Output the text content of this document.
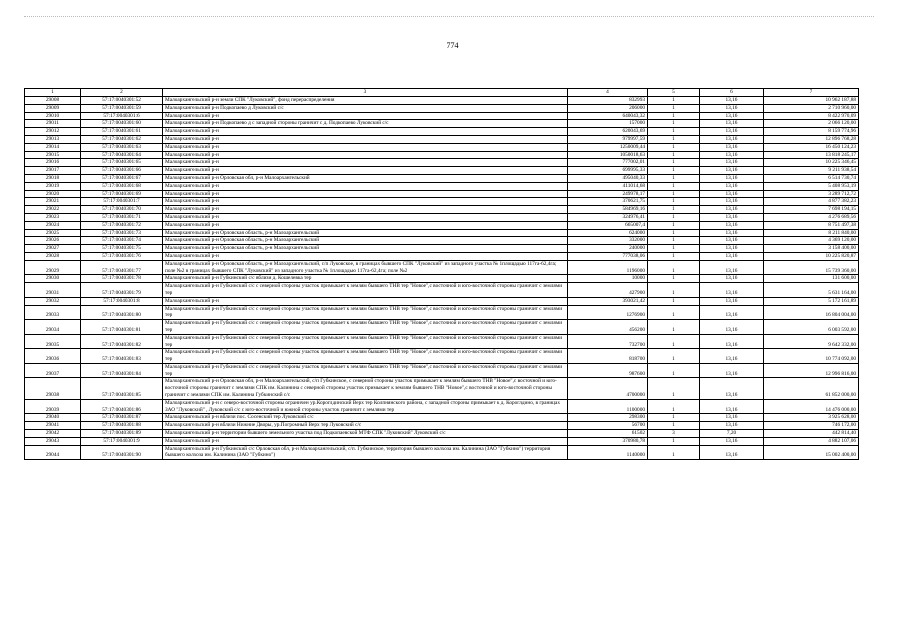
774
1	2	3	4	5	6	7
29008	57:17:0040301:52	Малоархангельский р-н земли СПК "Луковский", фонд перераспределения	832993	1	13,16	10 962 187,88
29009	57:17:0040301:59	Малоархангельский р-н Подкопаево д Луковский с/с	206000	1	13,16	2 710 960,00
29010	57:17:0040301:6	Малоархангельский р-н	640043,32	1	13,16	8 422 970,09
29011	57:17:0040301:60	Малоархангельский р-н Подкопаево д с западной стороны граничит с д. Подкопаево Луковский с/с	157000	1	13,16	2 066 120,00
29012	57:17:0040301:61	Малоархангельский р-н	620043,69	1	13,16	8 159 774,96
29013	57:17:0040301:62	Малоархангельский р-н	979997,59	1	13,16	12 896 768,28
29014	57:17:0040301:63	Малоархангельский р-н	1250009,44	1	13,16	16 450 124,23
29015	57:17:0040301:64	Малоархангельский р-н	1050018,63	1	13,16	13 818 245,17
29016	57:17:0040301:65	Малоархангельский р-н	777002,01	1	13,16	10 225 346,45
29017	57:17:0040301:66	Малоархангельский р-н	699995,33	1	13,16	9 211 938,54
29018	57:17:0040301:67	Малоархангельский р-н Орловская обл, р-н Малоархангельский	495040,33	1	13,16	6 514 730,74
29019	57:17:0040301:68	Малоархангельский р-н	411014,68	1	13,16	5 408 953,19
29020	57:17:0040301:69	Малоархангельский р-н	249978,17	1	13,16	3 289 712,72
29021	57:17:0040301:7	Малоархангельский р-н	370621,75	1	13,16	4 877 382,23
29022	57:17:0040301:70	Малоархангельский р-н	584969,16	1	13,16	7 698 194,15
29023	57:17:0040301:71	Малоархангельский р-н	324976,41	1	13,16	4 276 689,56
29024	57:17:0040301:72	Малоархангельский р-н	665007,4	1	13,16	8 751 497,38
29025	57:17:0040301:73	Малоархангельский р-н Орловская область, р-н Малоархангельский	624000	1	13,16	8 211 840,00
29026	57:17:0040301:74	Малоархангельский р-н Орловская область, р-н Малоархангельский	332000	1	13,16	4 369 120,00
29027	57:17:0040301:75	Малоархангельский р-н Орловская область, р-н Малоархангельский	240000	1	13,16	3 158 400,00
29028	57:17:0040301:76	Малоархангельский р-н	777038,06	1	13,16	10 225 820,87
29029	57:17:0040301:77	Малоархангельский р-н Орловская область, р-н Малоархангельский, с/п Луковское, в границах бывшего СПК "Луковский" из западного участка № 1площадью 117га-62,4га; поле №2 в границах бывшего СПК "Луковский" из западного участка № 1площадью 117га-62,4га; поле №2	1196000	1	13,16	15 739 360,00
29030	57:17:0040301:78	Малоархангельский р-н Губкинский с/с вблизи д. Кошелевка тер	10000	1	13,16	131 600,00
29031	57:17:0040301:79	Малоархангельский р-н Губкинский с/с с северной стороны участок примыкает к землям бывшего ТНВ тер "Новое",с восточной и юго-восточной стороны граничит с землями тер	427900	1	13,16	5 631 164,00
29032	57:17:0040301:8	Малоархангельский р-н	393021,42	1	13,16	5 172 161,89
29033	57:17:0040301:80	Малоархангельский р-н Губкинский с/с с северной стороны участок примыкает к землям бывшего ТНВ тер "Новое",с восточной и юго-восточной стороны граничит с землями тер	1276900	1	13,16	16 804 004,00
29034	57:17:0040301:81	Малоархангельский р-н Губкинский с/с с северной стороны участок примыкает к землям бывшего ТНВ тер "Новое",с восточной и юго-восточной стороны граничит с землями тер	456200	1	13,16	6 003 592,00
29035	57:17:0040301:82	Малоархангельский р-н Губкинский с/с с северной стороны участок примыкает к землям бывшего ТНВ тер "Новое",с восточной и юго-восточной стороны граничит с землями тер	732700	1	13,16	9 642 332,00
29036	57:17:0040301:83	Малоархангельский р-н Губкинский с/с с северной стороны участок примыкает к землям бывшего ТНВ тер "Новое",с восточной и юго-восточной стороны граничит с землями тер	818700	1	13,16	10 774 092,00
29037	57:17:0040301:84	Малоархангельский р-н Губкинский с/с с северной стороны участок примыкает к землям бывшего ТНВ тер "Новое",с восточной и юго-восточной стороны граничит с землями тер	987600	1	13,16	12 996 816,00
29038	57:17:0040301:85	Малоархангельский р-н Орловская обл, р-н Малоархангельский, с/п Губкинское, с северной стороны участок примыкает к землям бывшего ТНВ "Новое",с восточной и юго-восточной стороны граничит с землями СПК им. Калинина с северной стороны участок примыкает к землям бывшего ТНВ "Новое",с восточной и юго-восточной стороны граничит с землями СПК им. Калинина Губкинский с/с	4700000	1	13,16	61 852 000,00
29039	57:17:0040301:86	Малоархангельский р-н с северо-восточной стороны ограничен ур.Короглдинский Верх тер Колпнянского района, с западной стороны примыкает к д. Короглдино, в границах ЗАО "Луковский" , Луковский с/с с юго-восточной и южной стороны участок граничит с землями тер	1100000	1	13,16	14 476 000,00
29040	57:17:0040301:87	Малоархангельский р-н вблизи пос. Сосенский тер Луковский с/с	298300	1	13,16	3 925 628,00
29041	57:17:0040301:88	Малоархангельский р-н вблизи Нижние Дворы, ур.Погромный Верх тер Луковский с/с	56700	1	13,16	746 172,00
29042	57:17:0040301:89	Малоархангельский р-н территории бывшего земельного участка под Подкопаевской МТФ СПК "Луковский" Луковский с/с	61502	3	7,20	442 814,40
29043	57:17:0040301:9	Малоархангельский р-н	370980,78	1	13,16	4 882 107,06
29044	57:17:0040301:90	Малоархангельский р-н Губкинский с/с Орловская обл, р-н Малоархангельский, с/п. Губкинское, территория бывшего колхоза им. Калинина (ЗАО "Губкино") территория бывшего колхоза им. Калинина (ЗАО "Губкино")	1140000	1	13,16	15 002 400,00
